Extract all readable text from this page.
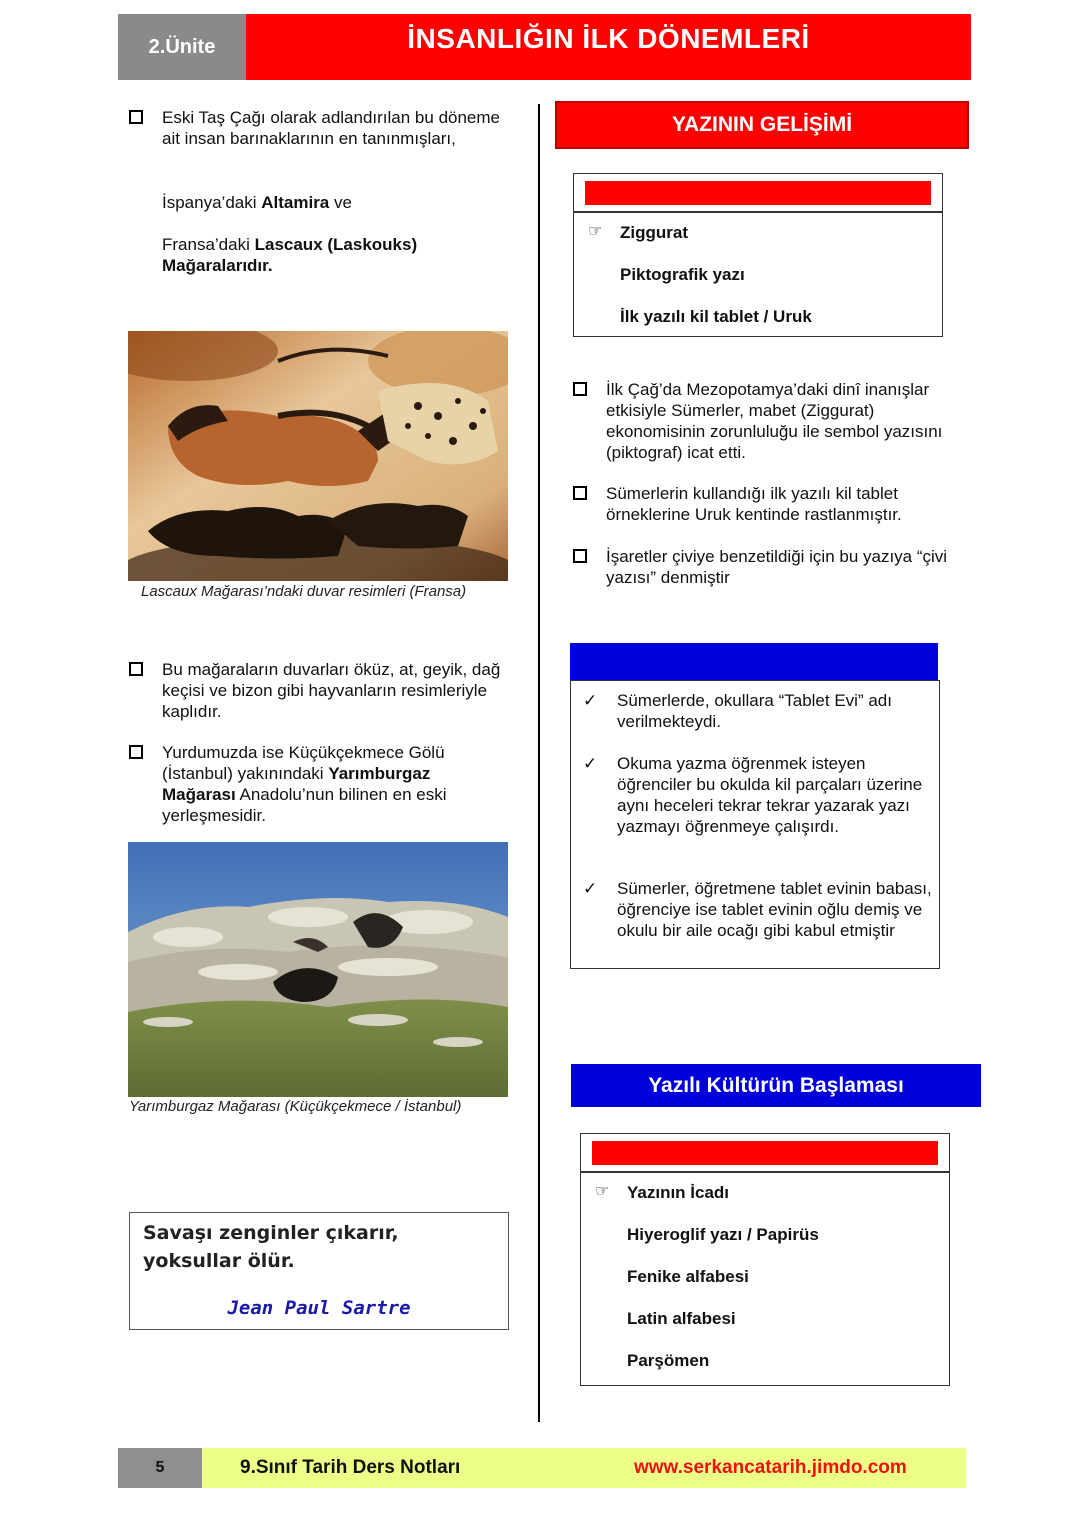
2.Ünite	İNSANLIĞIN İLK DÖNEMLERİ
Eski Taş Çağı olarak adlandırılan bu döneme ait insan barınaklarının en tanınmışları,
İspanya’daki Altamira ve
Fransa’daki Lascaux (Laskouks) Mağaralarıdır.
Lascaux Mağarası’ndaki duvar resimleri (Fransa)
Bu mağaraların duvarları öküz, at, geyik, dağ keçisi ve bizon gibi hayvanların resimleriyle kaplıdır.
Yurdumuzda ise Küçükçekmece Gölü (İstanbul) yakınındaki Yarımburgaz Mağarası Anadolu’nun bilinen en eski yerleşmesidir.
Yarımburgaz Mağarası (Küçükçekmece / İstanbul)
Savaşı zenginler çıkarır, yoksullar ölür.
Jean Paul Sartre
YAZININ GELİŞİMİ
☞ Ziggurat
Piktografik yazı
İlk yazılı kil tablet / Uruk
İlk Çağ’da Mezopotamya’daki dinî inanışlar etkisiyle Sümerler, mabet (Ziggurat) ekonomisinin zorunluluğu ile sembol yazısını (piktograf) icat etti.
Sümerlerin kullandığı ilk yazılı kil tablet örneklerine Uruk kentinde rastlanmıştır.
İşaretler çiviye benzetildiği için bu yazıya “çivi yazısı” denmiştir
✓ Sümerlerde, okullara “Tablet Evi” adı verilmekteydi.
✓ Okuma yazma öğrenmek isteyen öğrenciler bu okulda kil parçaları üzerine aynı heceleri tekrar tekrar yazarak yazı yazmayı öğrenmeye çalışırdı.
✓ Sümerler, öğretmene tablet evinin babası, öğrenciye ise tablet evinin oğlu demiş ve okulu bir aile ocağı gibi kabul etmiştir
Yazılı Kültürün Başlaması
☞ Yazının İcadı
Hiyeroglif yazı / Papirüs
Fenike alfabesi
Latin alfabesi
Parşömen
5	9.Sınıf Tarih Ders Notları	www.serkancatarih.jimdo.com
